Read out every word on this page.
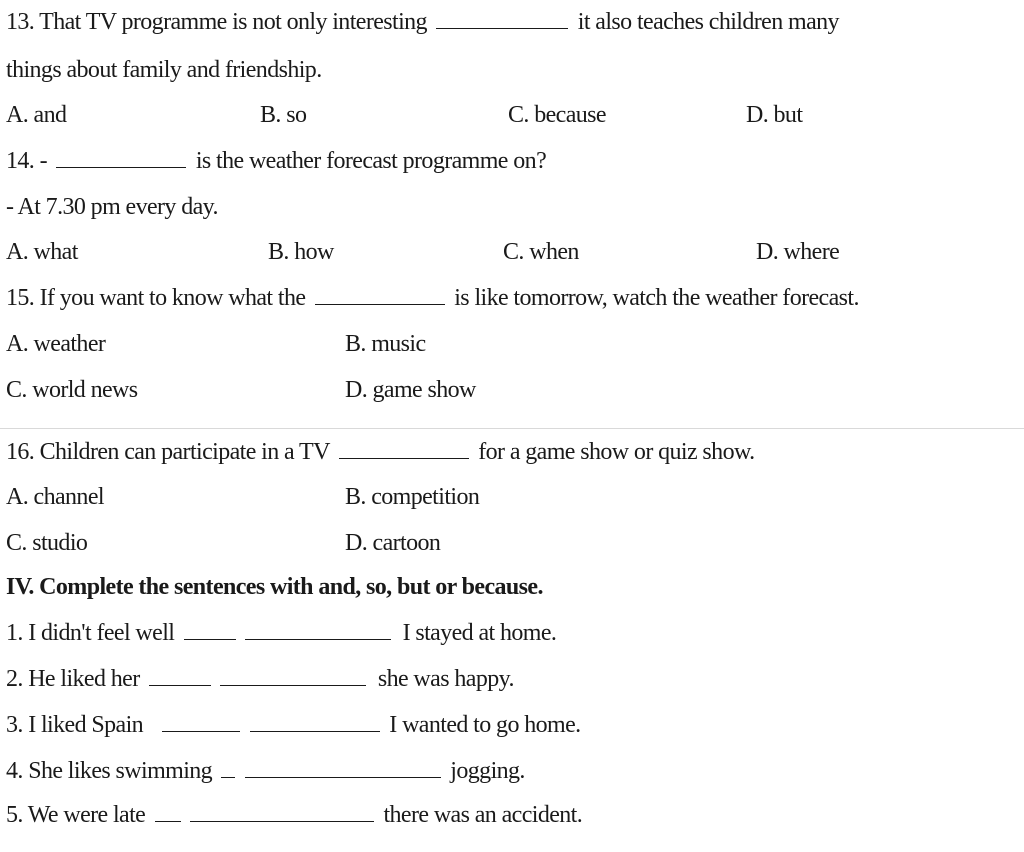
13. That TV programme is not only interesting	it also teaches children many
things about family and friendship.
A. and	B. so	C. because	D. but
14. -	is the weather forecast programme on?
- At 7.30 pm every day.
A. what	B. how	C. when	D. where
15. If you want to know what the	is like tomorrow, watch the weather forecast.
A. weather	B. music
C. world news	D. game show
16. Children can participate in a TV	for a game show or quiz show.
A. channel	B. competition
C. studio	D. cartoon
IV. Complete the sentences with and, so, but or because.
1. I didn't feel well	I stayed at home.
2. He liked her	she was happy.
3. I liked Spain	I wanted to go home.
4. She likes swimming	jogging.
5. We were late	there was an accident.
